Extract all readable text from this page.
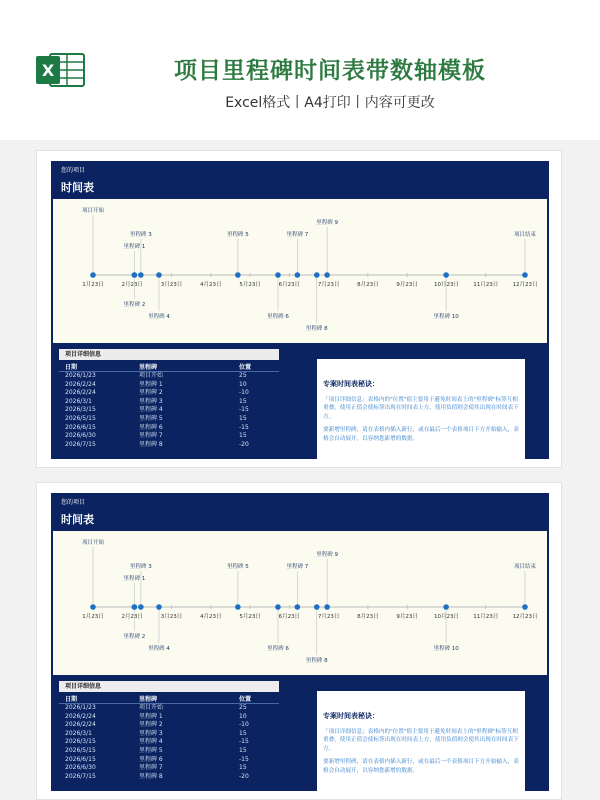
X	项目里程碑时间表带数轴模板
Excel格式丨A4打印丨内容可更改
您的项目
时间表
1月23日	2月23日	3月23日	4月23日	5月23日	6月23日	7月23日	8月23日	9月23日	10月23日	11月23日	12月23日
项目开始
里程碑 1
里程碑 2
里程碑 3
里程碑 4
里程碑 5
里程碑 6
里程碑 7
里程碑 8
里程碑 9
里程碑 10
项目结束
项目详细信息
日期	里程碑	位置
2026/1/23	项目开始	25
2026/2/24	里程碑 1	10
2026/2/24	里程碑 2	-10
2026/3/1	里程碑 3	15
2026/3/15	里程碑 4	-15
2026/5/15	里程碑 5	15
2026/6/15	里程碑 6	-15
2026/6/30	里程碑 7	15
2026/7/15	里程碑 8	-20
专案时间表秘诀：
「项目详细信息」表格内的"位置"值主要用于避免时间表上的"里程碑"标签互相重叠。使用正值会使标签出现在时间表上方，使用负值则会使其出现在时间表下方。
要新增里程碑，请在表格内插入新行，或在最后一个表格项目下方开始输入，表格会自动展开，以容纳您新增的数据。
您的项目
时间表
1月23日	2月23日	3月23日	4月23日	5月23日	6月23日	7月23日	8月23日	9月23日	10月23日	11月23日	12月23日
项目开始
里程碑 1
里程碑 2
里程碑 3
里程碑 4
里程碑 5
里程碑 6
里程碑 7
里程碑 8
里程碑 9
里程碑 10
项目结束
项目详细信息
日期	里程碑	位置
2026/1/23	项目开始	25
2026/2/24	里程碑 1	10
2026/2/24	里程碑 2	-10
2026/3/1	里程碑 3	15
2026/3/15	里程碑 4	-15
2026/5/15	里程碑 5	15
2026/6/15	里程碑 6	-15
2026/6/30	里程碑 7	15
2026/7/15	里程碑 8	-20
专案时间表秘诀：
「项目详细信息」表格内的"位置"值主要用于避免时间表上的"里程碑"标签互相重叠。使用正值会使标签出现在时间表上方，使用负值则会使其出现在时间表下方。
要新增里程碑，请在表格内插入新行，或在最后一个表格项目下方开始输入，表格会自动展开，以容纳您新增的数据。
